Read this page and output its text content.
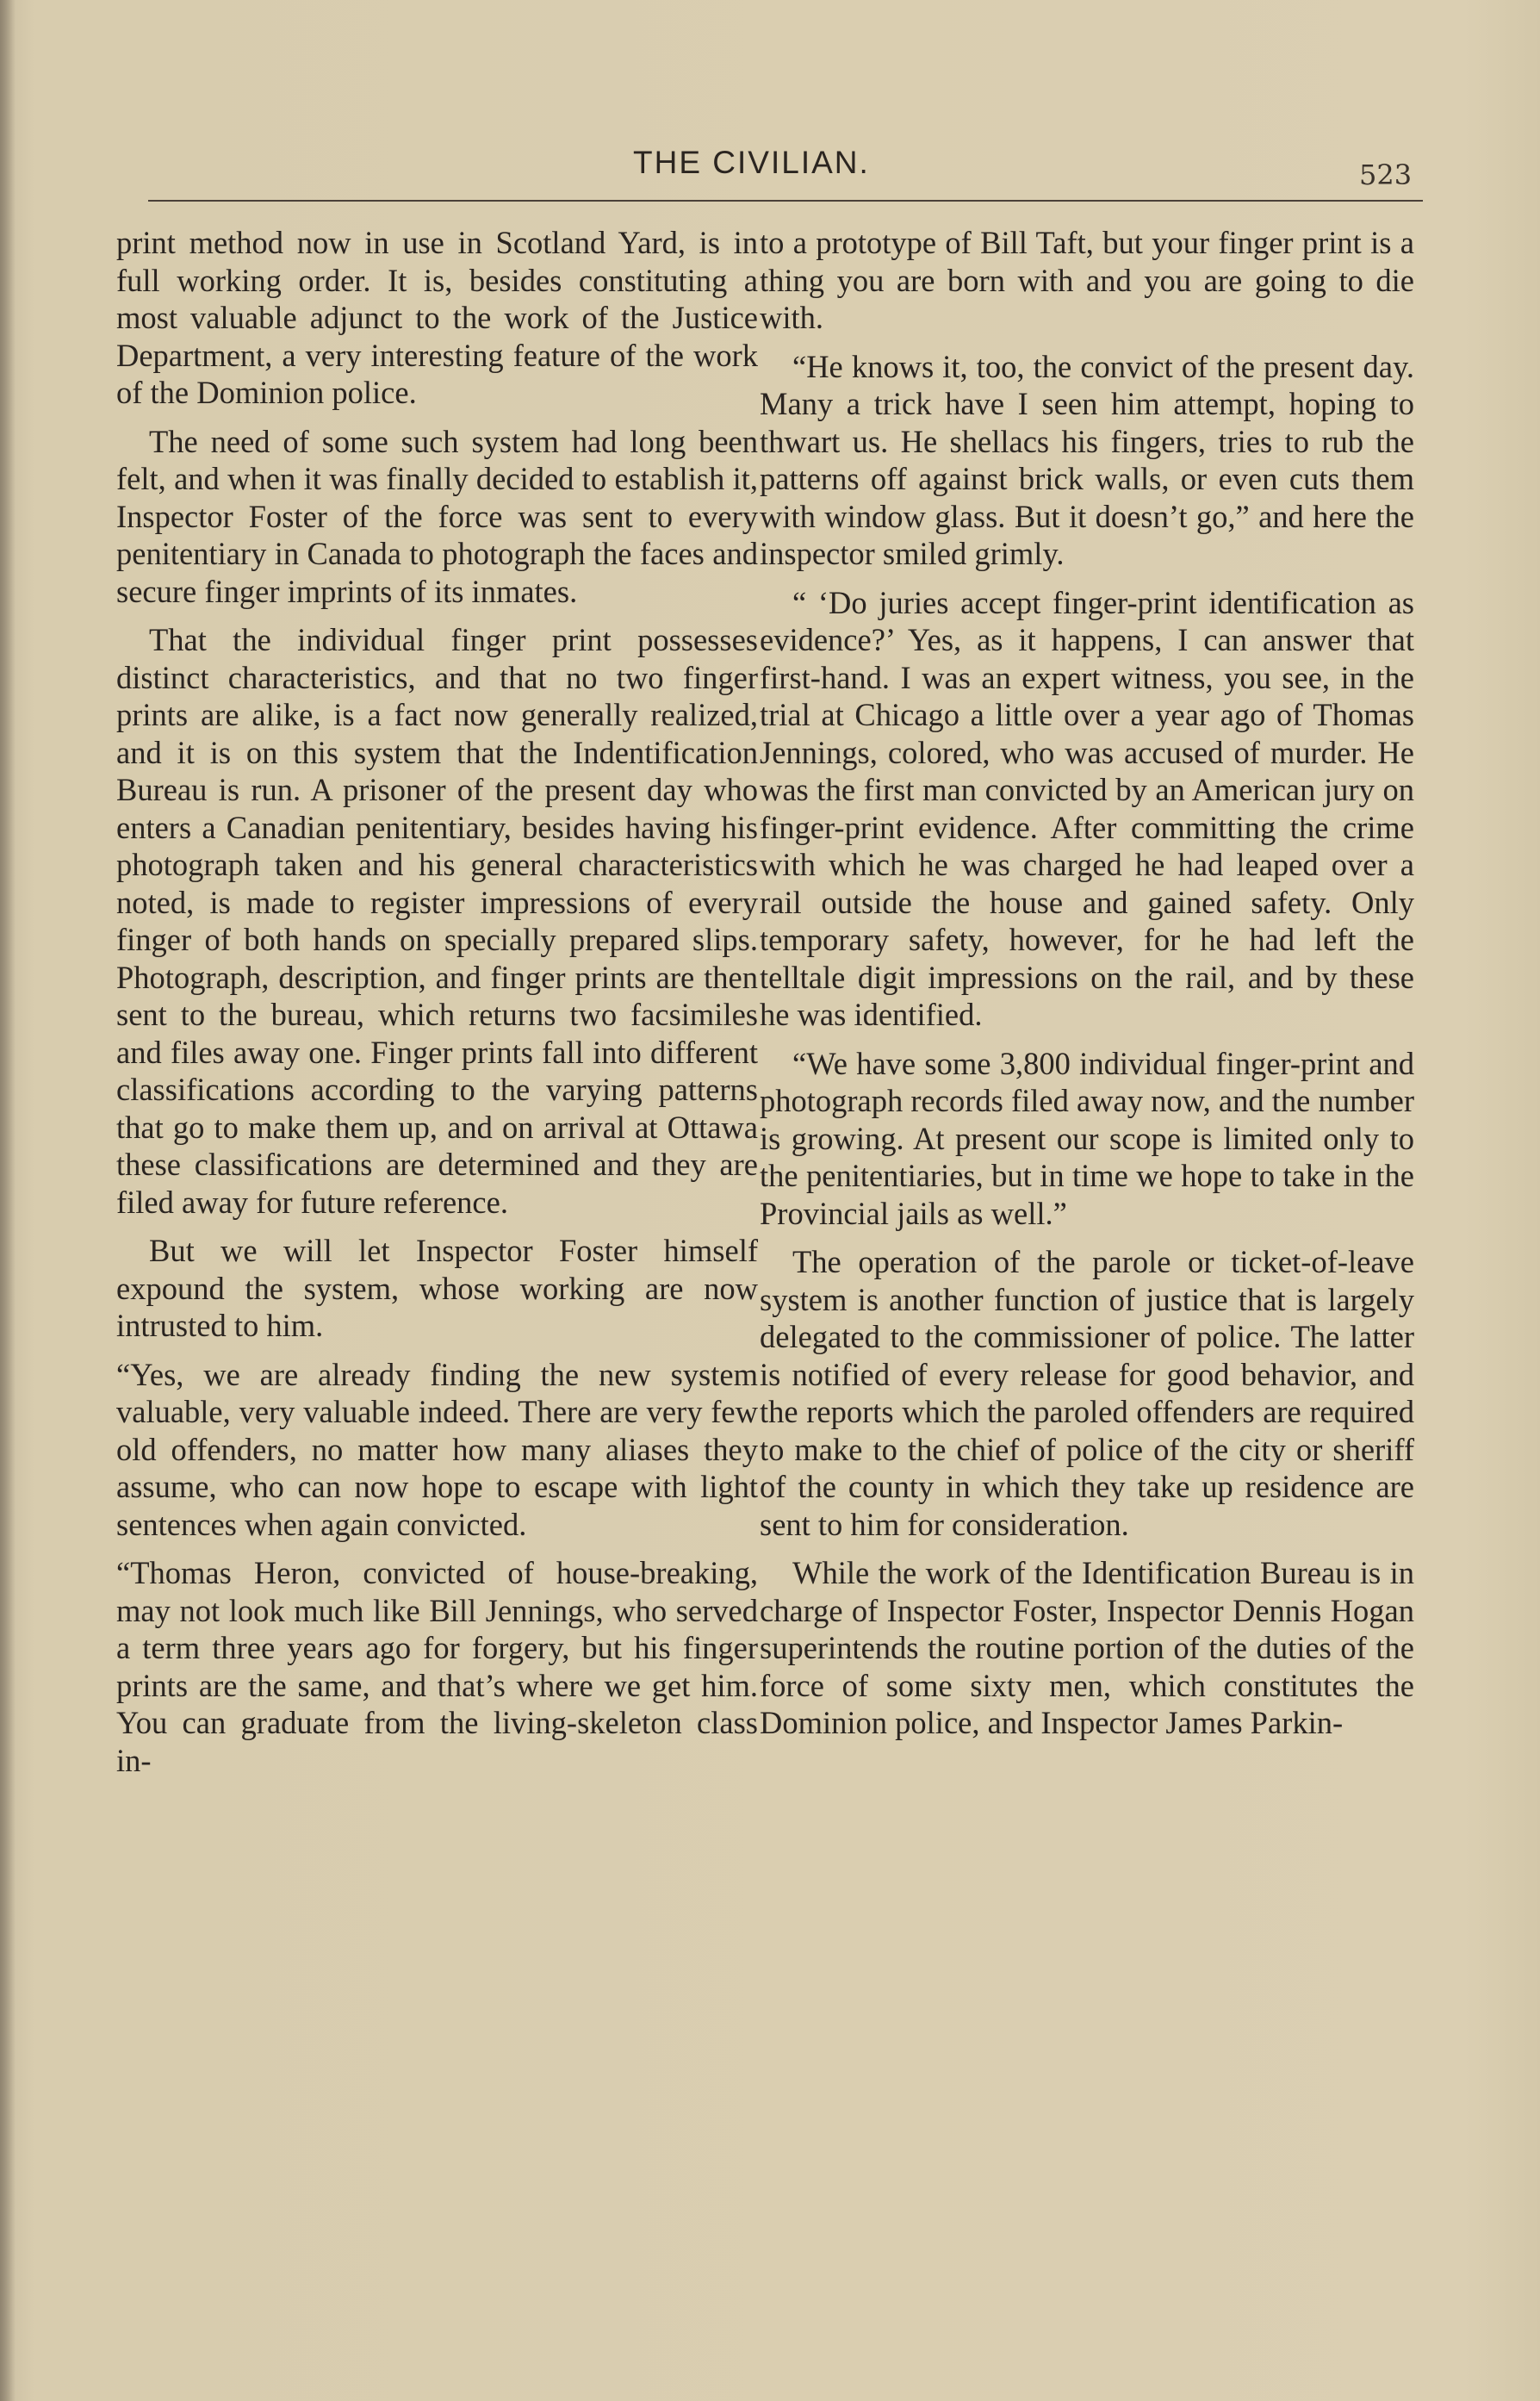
THE CIVILIAN.	523

print method now in use in Scotland Yard, is in full working order. It is, besides constituting a most valuable adjunct to the work of the Justice Department, a very interesting feature of the work of the Dominion police.

The need of some such system had long been felt, and when it was finally decided to establish it, Inspector Foster of the force was sent to every penitentiary in Canada to photograph the faces and secure finger imprints of its inmates.

That the individual finger print possesses distinct characteristics, and that no two finger prints are alike, is a fact now generally realized, and it is on this system that the Indentification Bureau is run. A prisoner of the present day who enters a Canadian penitentiary, besides having his photograph taken and his general characteristics noted, is made to register impressions of every finger of both hands on specially prepared slips. Photograph, description, and finger prints are then sent to the bureau, which returns two facsimiles and files away one. Finger prints fall into different classifications according to the varying patterns that go to make them up, and on arrival at Ottawa these classifications are determined and they are filed away for future reference.

But we will let Inspector Foster himself expound the system, whose working are now intrusted to him.

“Yes, we are already finding the new system valuable, very valuable indeed. There are very few old offenders, no matter how many aliases they assume, who can now hope to escape with light sentences when again convicted.

“Thomas Heron, convicted of house-breaking, may not look much like Bill Jennings, who served a term three years ago for forgery, but his finger prints are the same, and that’s where we get him. You can graduate from the living-skeleton class in-

to a prototype of Bill Taft, but your finger print is a thing you are born with and you are going to die with.

“He knows it, too, the convict of the present day. Many a trick have I seen him attempt, hoping to thwart us. He shellacs his fingers, tries to rub the patterns off against brick walls, or even cuts them with window glass. But it doesn’t go,” and here the inspector smiled grimly.

“ ‘Do juries accept finger-print identification as evidence?’ Yes, as it happens, I can answer that first-hand. I was an expert witness, you see, in the trial at Chicago a little over a year ago of Thomas Jennings, colored, who was accused of murder. He was the first man convicted by an American jury on finger-print evidence. After committing the crime with which he was charged he had leaped over a rail outside the house and gained safety. Only temporary safety, however, for he had left the telltale digit impressions on the rail, and by these he was identified.

“We have some 3,800 individual finger-print and photograph records filed away now, and the number is growing. At present our scope is limited only to the penitentiaries, but in time we hope to take in the Provincial jails as well.”

The operation of the parole or ticket-of-leave system is another function of justice that is largely delegated to the commissioner of police. The latter is notified of every release for good behavior, and the reports which the paroled offenders are required to make to the chief of police of the city or sheriff of the county in which they take up residence are sent to him for consideration.

While the work of the Identification Bureau is in charge of Inspector Foster, Inspector Dennis Hogan superintends the routine portion of the duties of the force of some sixty men, which constitutes the Dominion police, and Inspector James Parkin-
